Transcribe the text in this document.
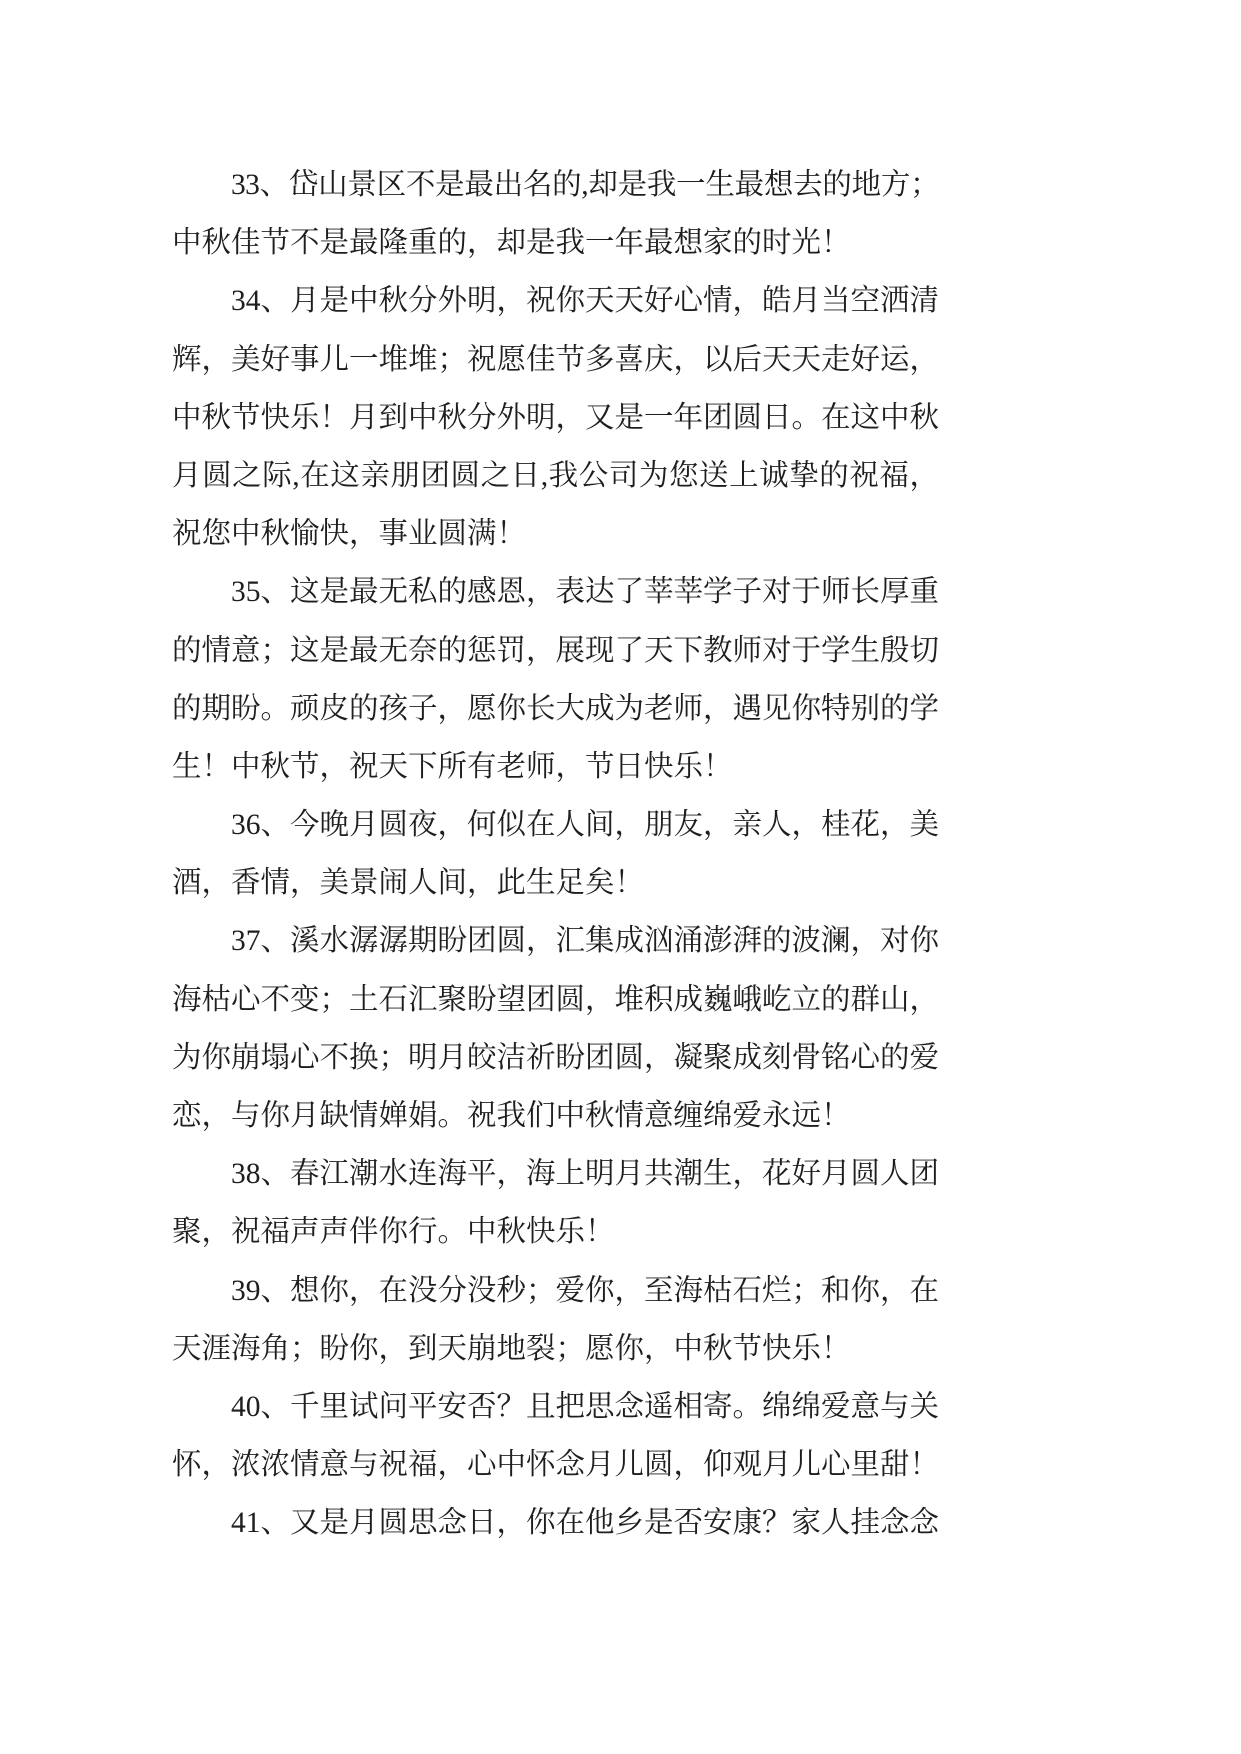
33、岱山景区不是最出名的,却是我一生最想去的地方；
中秋佳节不是最隆重的，却是我一年最想家的时光！
34、月是中秋分外明，祝你天天好心情，皓月当空洒清
辉，美好事儿一堆堆；祝愿佳节多喜庆，以后天天走好运，
中秋节快乐！月到中秋分外明，又是一年团圆日。在这中秋
月圆之际,在这亲朋团圆之日,我公司为您送上诚挚的祝福，
祝您中秋愉快，事业圆满！
35、这是最无私的感恩，表达了莘莘学子对于师长厚重
的情意；这是最无奈的惩罚，展现了天下教师对于学生殷切
的期盼。顽皮的孩子，愿你长大成为老师，遇见你特别的学
生！中秋节，祝天下所有老师，节日快乐！
36、今晚月圆夜，何似在人间，朋友，亲人，桂花，美
酒，香情，美景闹人间，此生足矣！
37、溪水潺潺期盼团圆，汇集成汹涌澎湃的波澜，对你
海枯心不变；土石汇聚盼望团圆，堆积成巍峨屹立的群山，
为你崩塌心不换；明月皎洁祈盼团圆，凝聚成刻骨铭心的爱
恋，与你月缺情婵娟。祝我们中秋情意缠绵爱永远！
38、春江潮水连海平，海上明月共潮生，花好月圆人团
聚，祝福声声伴你行。中秋快乐！
39、想你，在没分没秒；爱你，至海枯石烂；和你，在
天涯海角；盼你，到天崩地裂；愿你，中秋节快乐！
40、千里试问平安否？且把思念遥相寄。绵绵爱意与关
怀，浓浓情意与祝福，心中怀念月儿圆，仰观月儿心里甜！
41、又是月圆思念日，你在他乡是否安康？家人挂念念
